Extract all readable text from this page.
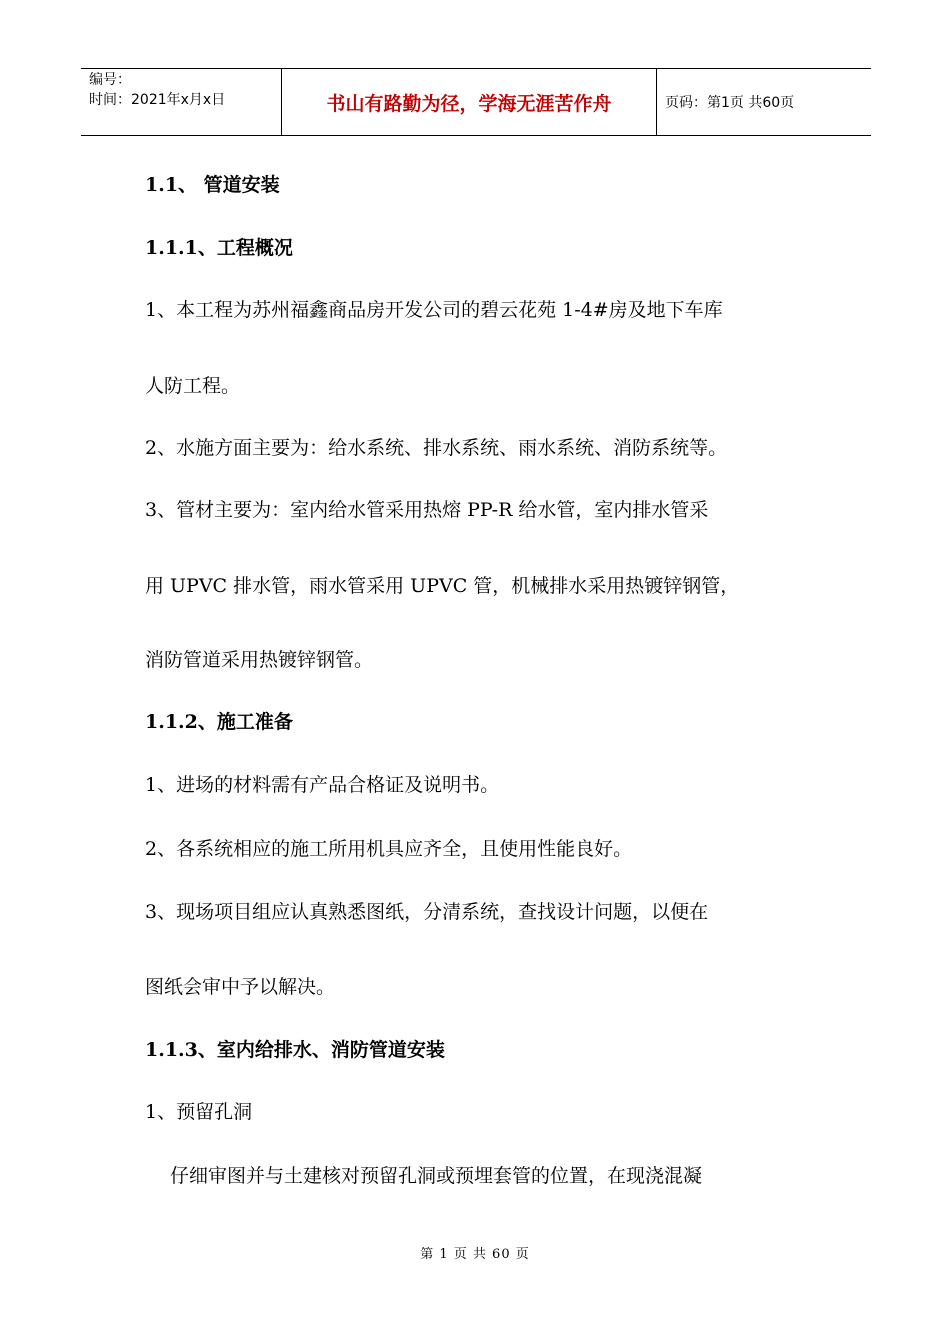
编号：
时间：2021年x月x日	书山有路勤为径，学海无涯苦作舟	页码：第1页 共60页
1.1、 管道安装
1.1.1、工程概况
1、本工程为苏州福鑫商品房开发公司的碧云花苑 1-4#房及地下车库
人防工程。
2、水施方面主要为：给水系统、排水系统、雨水系统、消防系统等。
3、管材主要为：室内给水管采用热熔 PP-R 给水管，室内排水管采
用 UPVC 排水管，雨水管采用 UPVC 管，机械排水采用热镀锌钢管，
消防管道采用热镀锌钢管。
1.1.2、施工准备
1、进场的材料需有产品合格证及说明书。
2、各系统相应的施工所用机具应齐全，且使用性能良好。
3、现场项目组应认真熟悉图纸，分清系统，查找设计问题，以便在
图纸会审中予以解决。
1.1.3、室内给排水、消防管道安装
1、预留孔洞
仔细审图并与土建核对预留孔洞或预埋套管的位置，在现浇混凝
第 1 页 共 60 页
